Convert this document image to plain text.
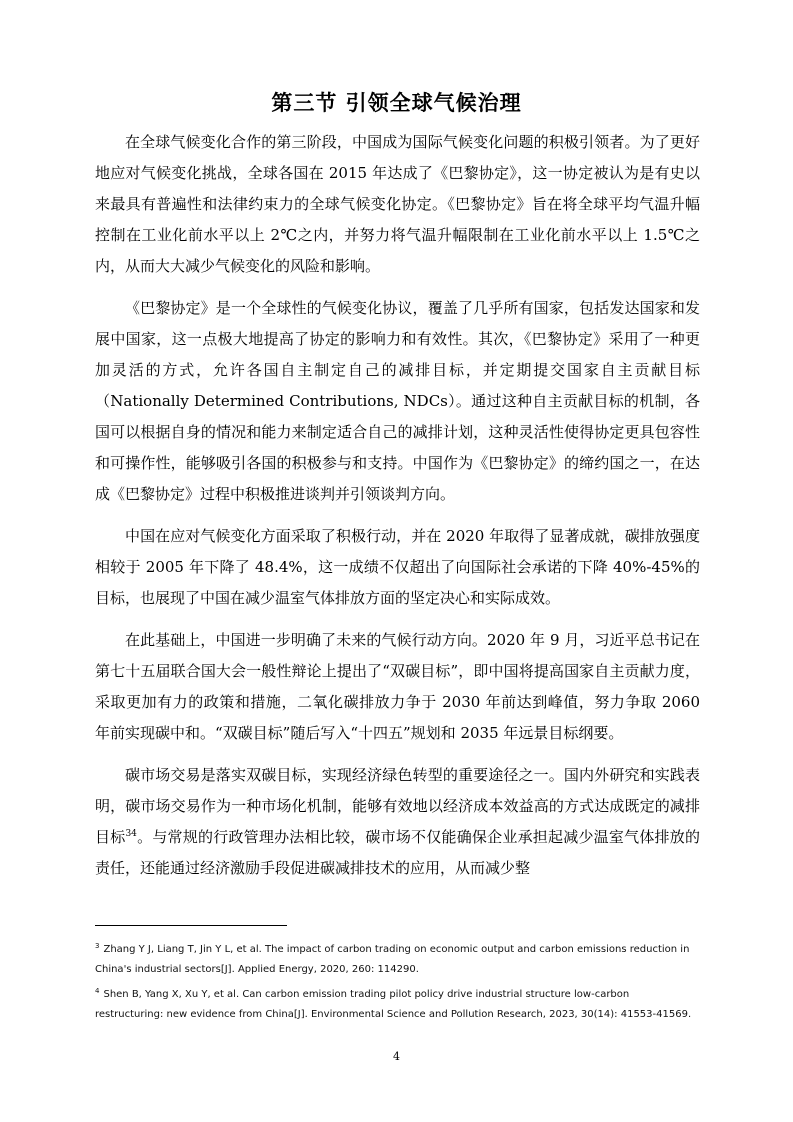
第三节 引领全球气候治理

在全球气候变化合作的第三阶段，中国成为国际气候变化问题的积极引领者。为了更好地应对气候变化挑战，全球各国在 2015 年达成了《巴黎协定》，这一协定被认为是有史以来最具有普遍性和法律约束力的全球气候变化协定。《巴黎协定》旨在将全球平均气温升幅控制在工业化前水平以上 2℃之内，并努力将气温升幅限制在工业化前水平以上 1.5℃之内，从而大大减少气候变化的风险和影响。

《巴黎协定》是一个全球性的气候变化协议，覆盖了几乎所有国家，包括发达国家和发展中国家，这一点极大地提高了协定的影响力和有效性。其次，《巴黎协定》采用了一种更加灵活的方式，允许各国自主制定自己的减排目标，并定期提交国家自主贡献目标（Nationally Determined Contributions, NDCs）。通过这种自主贡献目标的机制，各国可以根据自身的情况和能力来制定适合自己的减排计划，这种灵活性使得协定更具包容性和可操作性，能够吸引各国的积极参与和支持。中国作为《巴黎协定》的缔约国之一，在达成《巴黎协定》过程中积极推进谈判并引领谈判方向。

中国在应对气候变化方面采取了积极行动，并在 2020 年取得了显著成就，碳排放强度相较于 2005 年下降了 48.4%，这一成绩不仅超出了向国际社会承诺的下降 40%-45%的目标，也展现了中国在减少温室气体排放方面的坚定决心和实际成效。

在此基础上，中国进一步明确了未来的气候行动方向。2020 年 9 月，习近平总书记在第七十五届联合国大会一般性辩论上提出了“双碳目标”，即中国将提高国家自主贡献力度，采取更加有力的政策和措施，二氧化碳排放力争于 2030 年前达到峰值，努力争取 2060 年前实现碳中和。“双碳目标”随后写入“十四五”规划和 2035 年远景目标纲要。

碳市场交易是落实双碳目标，实现经济绿色转型的重要途径之一。国内外研究和实践表明，碳市场交易作为一种市场化机制，能够有效地以经济成本效益高的方式达成既定的减排目标$^{34}$。与常规的行政管理办法相比较，碳市场不仅能确保企业承担起减少温室气体排放的责任，还能通过经济激励手段促进碳减排技术的应用，从而减少整

$^3$ Zhang Y J, Liang T, Jin Y L, et al. The impact of carbon trading on economic output and carbon emissions reduction in China's industrial sectors[J]. Applied Energy, 2020, 260: 114290.

$^4$ Shen B, Yang X, Xu Y, et al. Can carbon emission trading pilot policy drive industrial structure low-carbon restructuring: new evidence from China[J]. Environmental Science and Pollution Research, 2023, 30(14): 41553-41569.

4
